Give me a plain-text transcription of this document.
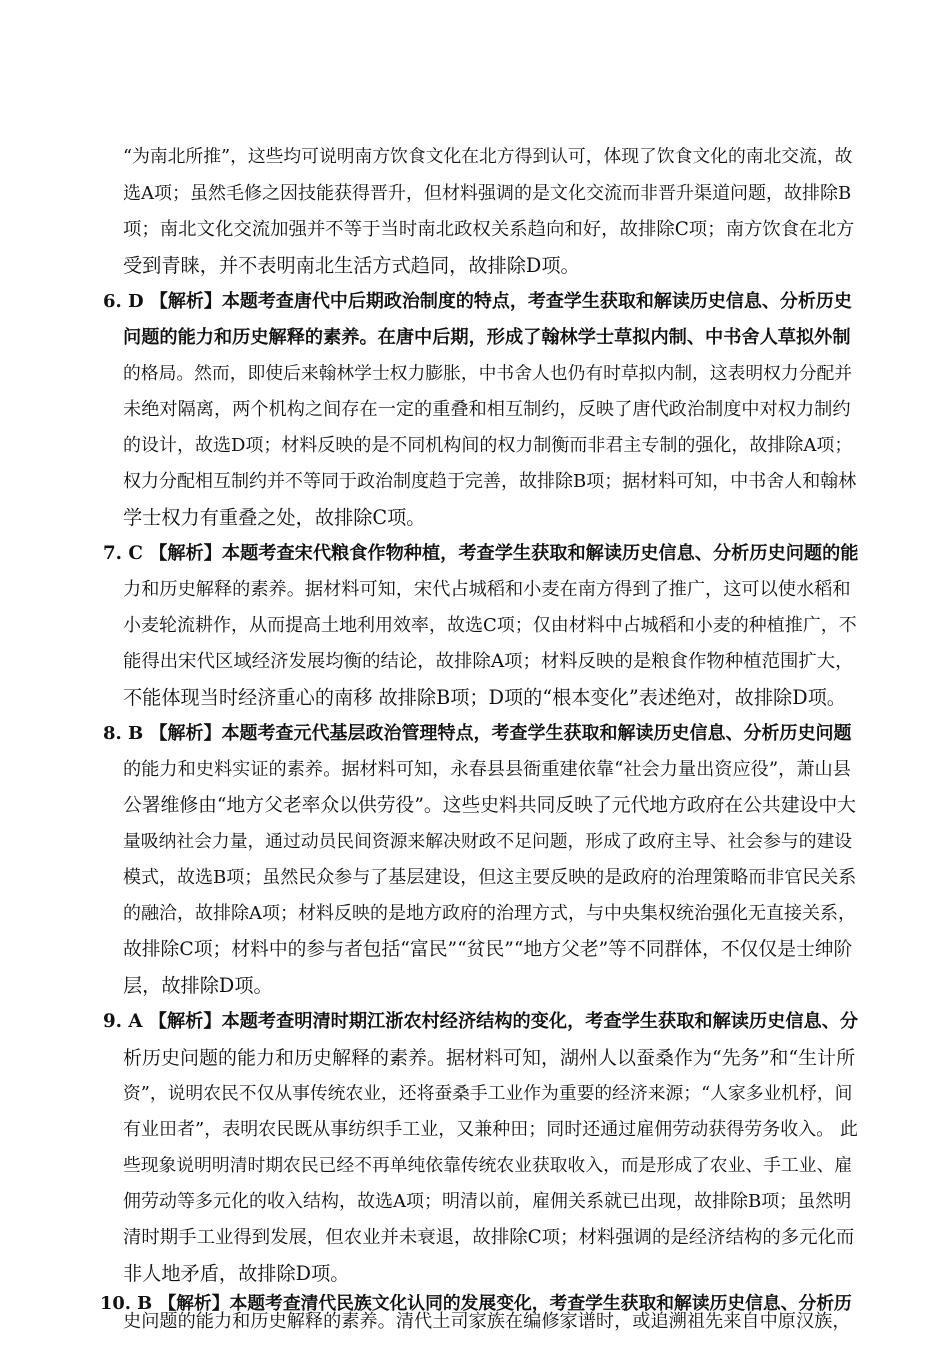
“为南北所推”，这些均可说明南方饮食文化在北方得到认可，体现了饮食文化的南北交流，故
选A项；虽然毛修之因技能获得晋升，但材料强调的是文化交流而非晋升渠道问题，故排除B
项；南北文化交流加强并不等于当时南北政权关系趋向和好，故排除C项；南方饮食在北方
受到青睐，并不表明南北生活方式趋同，故排除D项。
6. D 【解析】本题考查唐代中后期政治制度的特点，考查学生获取和解读历史信息、分析历史
问题的能力和历史解释的素养。在唐中后期，形成了翰林学士草拟内制、中书舍人草拟外制
的格局。然而，即使后来翰林学士权力膨胀，中书舍人也仍有时草拟内制，这表明权力分配并
未绝对隔离，两个机构之间存在一定的重叠和相互制约，反映了唐代政治制度中对权力制约
的设计，故选D项；材料反映的是不同机构间的权力制衡而非君主专制的强化，故排除A项；
权力分配相互制约并不等同于政治制度趋于完善，故排除B项；据材料可知，中书舍人和翰林
学士权力有重叠之处，故排除C项。
7. C 【解析】本题考查宋代粮食作物种植，考查学生获取和解读历史信息、分析历史问题的能
力和历史解释的素养。据材料可知，宋代占城稻和小麦在南方得到了推广，这可以使水稻和
小麦轮流耕作，从而提高土地利用效率，故选C项；仅由材料中占城稻和小麦的种植推广，不
能得出宋代区域经济发展均衡的结论，故排除A项；材料反映的是粮食作物种植范围扩大，
不能体现当时经济重心的南移 故排除B项；D项的“根本变化”表述绝对，故排除D项。
8. B 【解析】本题考查元代基层政治管理特点，考查学生获取和解读历史信息、分析历史问题
的能力和史料实证的素养。据材料可知，永春县县衙重建依靠“社会力量出资应役”，萧山县
公署维修由“地方父老率众以供劳役”。这些史料共同反映了元代地方政府在公共建设中大
量吸纳社会力量，通过动员民间资源来解决财政不足问题，形成了政府主导、社会参与的建设
模式，故选B项；虽然民众参与了基层建设，但这主要反映的是政府的治理策略而非官民关系
的融洽，故排除A项；材料反映的是地方政府的治理方式，与中央集权统治强化无直接关系，
故排除C项；材料中的参与者包括“富民”“贫民”“地方父老”等不同群体，不仅仅是士绅阶
层，故排除D项。
9. A 【解析】本题考查明清时期江浙农村经济结构的变化，考查学生获取和解读历史信息、分
析历史问题的能力和历史解释的素养。据材料可知，湖州人以蚕桑作为“先务”和“生计所
资”，说明农民不仅从事传统农业，还将蚕桑手工业作为重要的经济来源；“人家多业机杼，间
有业田者”，表明农民既从事纺织手工业，又兼种田；同时还通过雇佣劳动获得劳务收入。 此
些现象说明明清时期农民已经不再单纯依靠传统农业获取收入，而是形成了农业、手工业、雇
佣劳动等多元化的收入结构，故选A项；明清以前，雇佣关系就已出现，故排除B项；虽然明
清时期手工业得到发展，但农业并未衰退，故排除C项；材料强调的是经济结构的多元化而
非人地矛盾，故排除D项。
10. B 【解析】本题考查清代民族文化认同的发展变化，考查学生获取和解读历史信息、分析历
史问题的能力和历史解释的素养。清代土司家族在编修家谱时，或追溯祖先来自中原汉族，
